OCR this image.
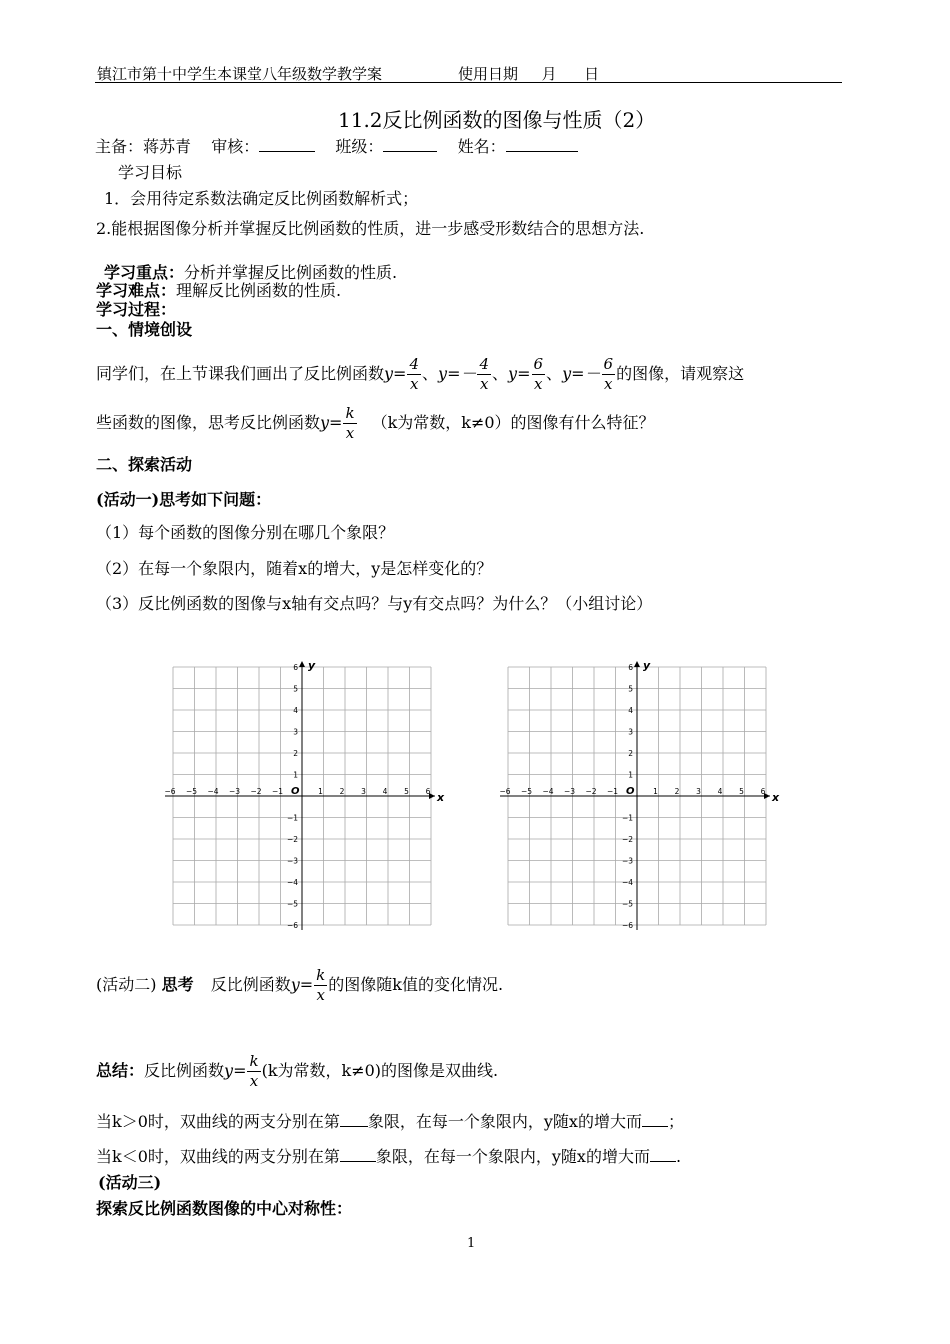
镇江市第十中学生本课堂八年级数学教学案	使用日期 月 日
11.2反比例函数的图像与性质（2）
主备：蒋苏青 审核：	班级：	姓名：
学习目标
1．会用待定系数法确定反比例函数解析式；
2.能根据图像分析并掌握反比例函数的性质，进一步感受形数结合的思想方法.
学习重点：分析并掌握反比例函数的性质.
学习难点：理解反比例函数的性质.
学习过程：
一、情境创设
同学们，在上节课我们画出了反比例函数$y= \frac{4}{x}$ 、$y=- \frac{4}{x}$ 、$y= \frac{6}{x}$ 、$y=- \frac{6}{x}$ 的图像，请观察这
些函数的图像，思考反比例函数$y= \frac{k}{x} (k$为常数，k≠0）的图像有什么特征？
二、探索活动
(活动一)思考如下问题：
（1）每个函数的图像分别在哪几个象限？
（2）在每一个象限内，随着x的增大，y是怎样变化的？
（3）反比例函数的图像与x轴有交点吗？与y有交点吗？为什么？（小组讨论）
−6 −5 −4 −3 −2 −1	1 2 3 4 5 6
6
5
4
3
2
1
−1
−2
−3
−4
−5
−6
x
y
O	−6 −5 −4 −3 −2 −1	1 2 3 4 5 6
6
5
4
3
2
1
−1
−2
−3
−4
−5
−6
x
y
O
(活动二) 思考 反比例函数$y= \frac{k}{x}$ 的图像随k值的变化情况.
总结：反比例函数$y= \frac{k}{x} (k$为常数，k≠0)的图像是双曲线.
当k＞0时，双曲线的两支分别在第 象限，在每一个象限内，y随x的增大而 ；
当k＜0时，双曲线的两支分别在第 象限，在每一个象限内，y随x的增大而 .
(活动三)
探索反比例函数图像的中心对称性：
1
